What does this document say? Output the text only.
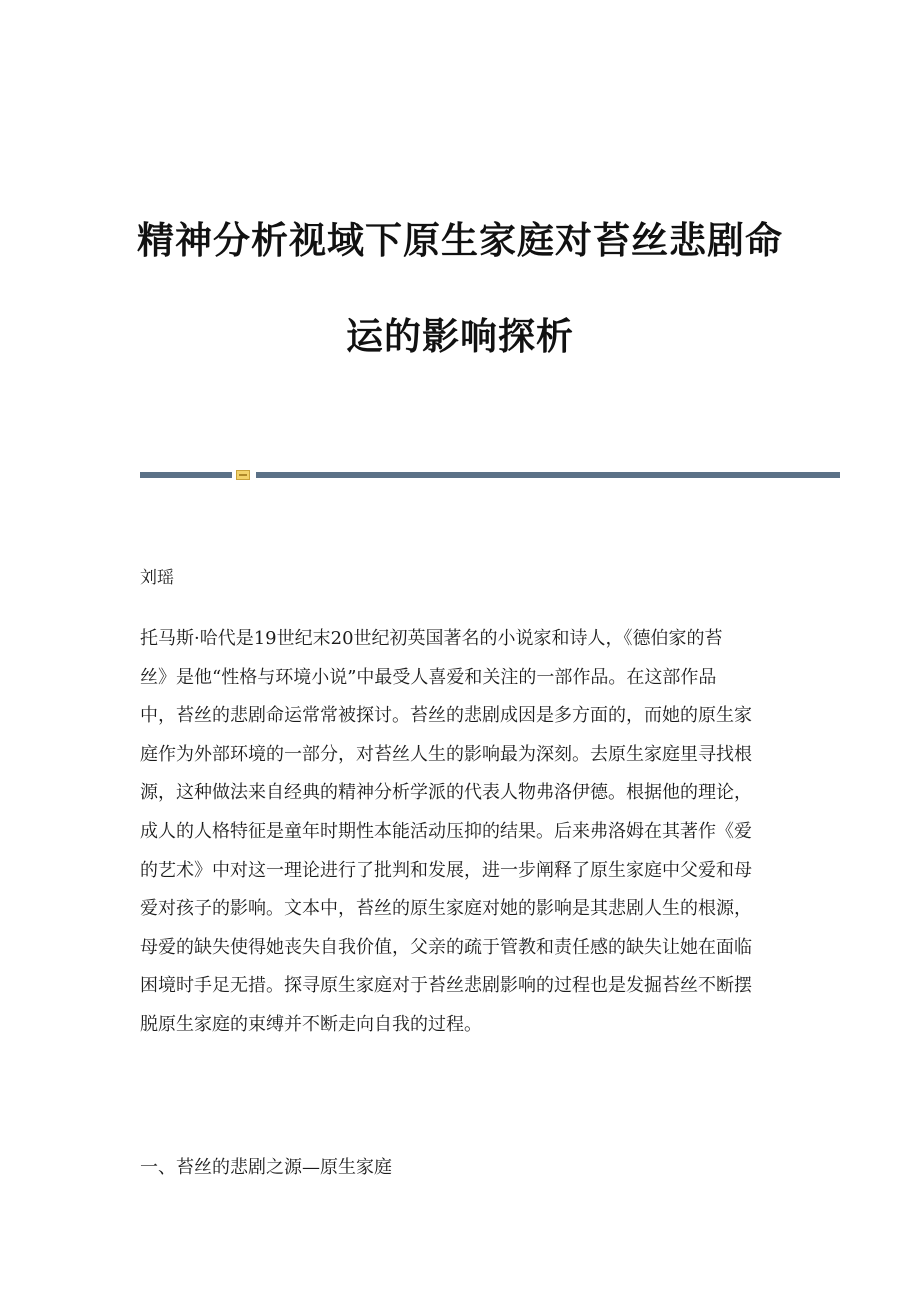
精神分析视域下原生家庭对苔丝悲剧命
运的影响探析
刘瑶
托马斯·哈代是19世纪末20世纪初英国著名的小说家和诗人，《德伯家的苔
丝》是他“性格与环境小说”中最受人喜爱和关注的一部作品。在这部作品
中，苔丝的悲剧命运常常被探讨。苔丝的悲剧成因是多方面的，而她的原生家
庭作为外部环境的一部分，对苔丝人生的影响最为深刻。去原生家庭里寻找根
源，这种做法来自经典的精神分析学派的代表人物弗洛伊德。根据他的理论，
成人的人格特征是童年时期性本能活动压抑的结果。后来弗洛姆在其著作《爱
的艺术》中对这一理论进行了批判和发展，进一步阐释了原生家庭中父爱和母
爱对孩子的影响。文本中，苔丝的原生家庭对她的影响是其悲剧人生的根源，
母爱的缺失使得她丧失自我价值，父亲的疏于管教和责任感的缺失让她在面临
困境时手足无措。探寻原生家庭对于苔丝悲剧影响的过程也是发掘苔丝不断摆
脱原生家庭的束缚并不断走向自我的过程。
一、苔丝的悲剧之源—原生家庭
